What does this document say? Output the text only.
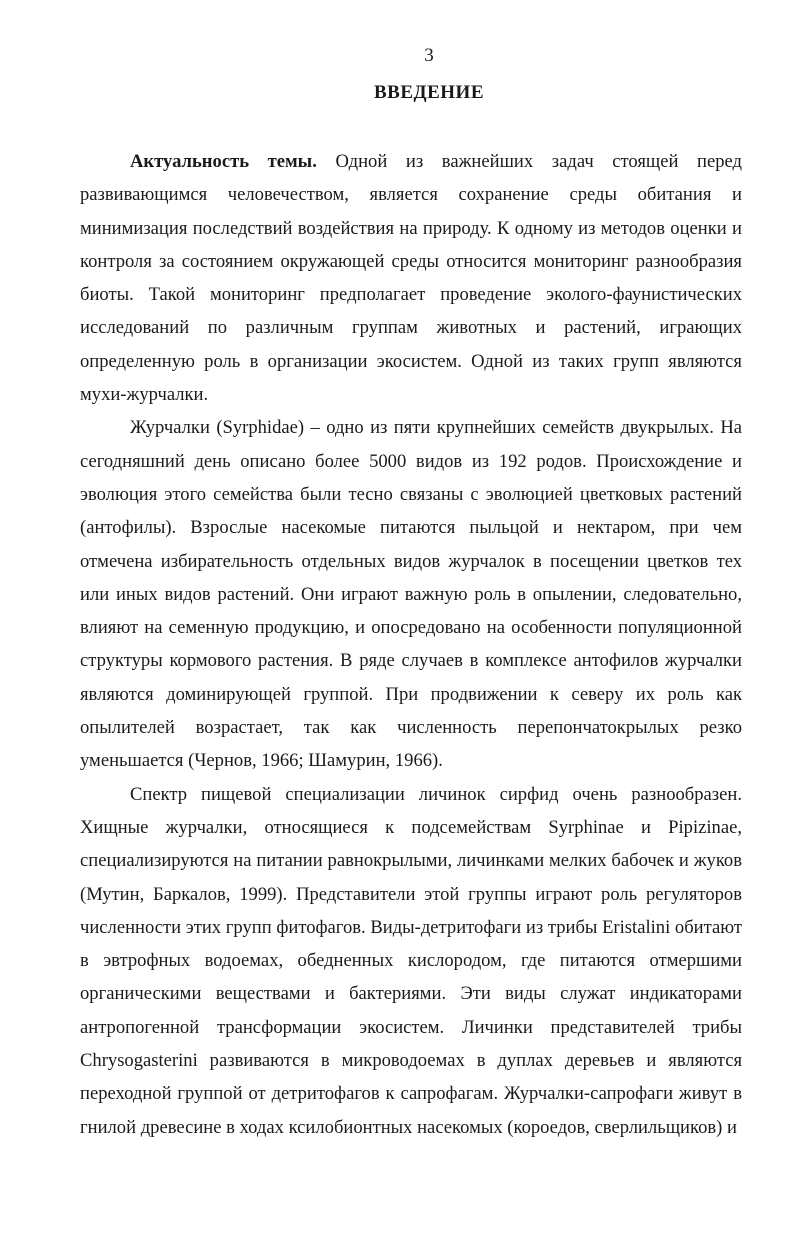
3
ВВЕДЕНИЕ

Актуальность темы. Одной из важнейших задач стоящей перед развивающимся человечеством, является сохранение среды обитания и минимизация последствий воздействия на природу. К одному из методов оценки и контроля за состоянием окружающей среды относится мониторинг разнообразия биоты. Такой мониторинг предполагает проведение эколого-фаунистических исследований по различным группам животных и растений, играющих определенную роль в организации экосистем. Одной из таких групп являются мухи-журчалки.

Журчалки (Syrphidae) – одно из пяти крупнейших семейств двукрылых. На сегодняшний день описано более 5000 видов из 192 родов. Происхождение и эволюция этого семейства были тесно связаны с эволюцией цветковых растений (антофилы). Взрослые насекомые питаются пыльцой и нектаром, при чем отмечена избирательность отдельных видов журчалок в посещении цветков тех или иных видов растений. Они играют важную роль в опылении, следовательно, влияют на семенную продукцию, и опосредовано на особенности популяционной структуры кормового растения. В ряде случаев в комплексе антофилов журчалки являются доминирующей группой. При продвижении к северу их роль как опылителей возрастает, так как численность перепончатокрылых резко уменьшается (Чернов, 1966; Шамурин, 1966).

Спектр пищевой специализации личинок сирфид очень разнообразен. Хищные журчалки, относящиеся к подсемействам Syrphinae и Pipizinae, специализируются на питании равнокрылыми, личинками мелких бабочек и жуков (Мутин, Баркалов, 1999). Представители этой группы играют роль регуляторов численности этих групп фитофагов. Виды-детритофаги из трибы Eristalini обитают в эвтрофных водоемах, обедненных кислородом, где питаются отмершими органическими веществами и бактериями. Эти виды служат индикаторами антропогенной трансформации экосистем. Личинки представителей трибы Chrysogasterini развиваются в микроводоемах в дуплах деревьев и являются переходной группой от детритофагов к сапрофагам. Журчалки-сапрофаги живут в гнилой древесине в ходах ксилобионтных насекомых (короедов, сверлильщиков) и
